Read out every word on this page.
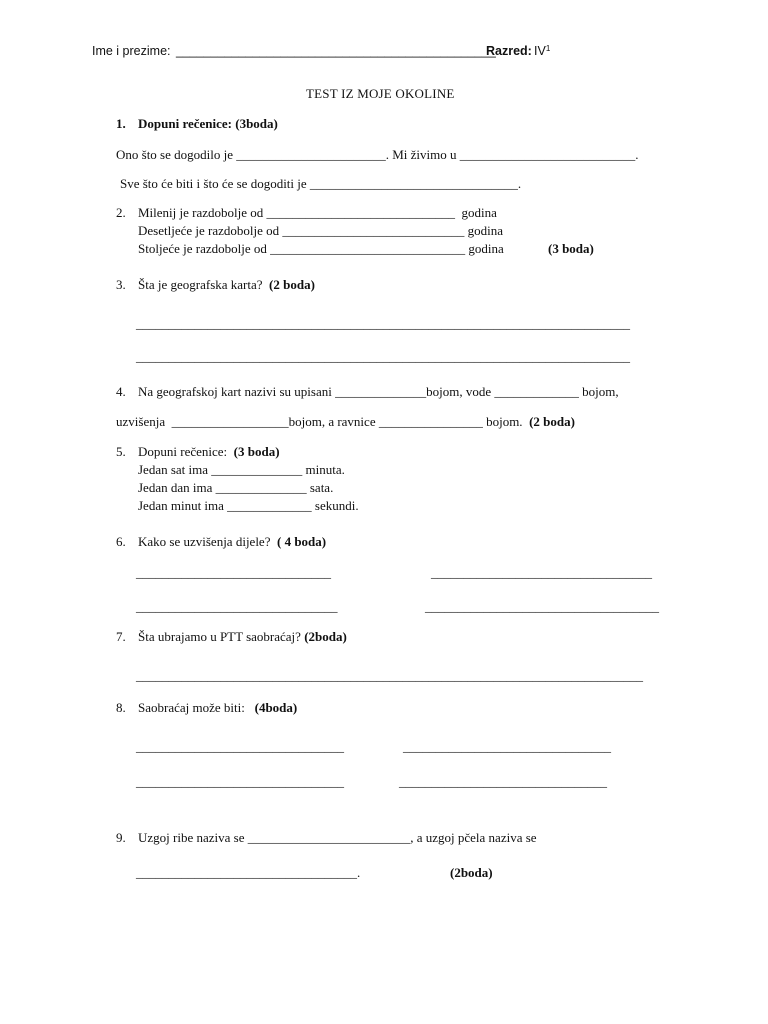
Ime i prezime: ______________________________________________
Razred: $IV^1$
TEST IZ MOJE OKOLINE
1. Dopuni rečenice: (3boda)
Ono što se dogodilo je _______________________. Mi živimo u ___________________________.
Sve što će biti i što će se dogoditi je ________________________________.
2. Milenij je razdobolje od _____________________________  godina
Desetljeće je razdobolje od ____________________________ godina
Stoljeće je razdobolje od ______________________________ godina	(3 boda)
3. Šta je geografska karta? (2 boda)
____________________________________________________________________________
____________________________________________________________________________
4. Na geografskoj kart nazivi su upisani ______________bojom, vode _____________ bojom,
uzvišenja  __________________bojom, a ravnice ________________ bojom. (2 boda)
5. Dopuni rečenice: (3 boda)
Jedan sat ima ______________ minuta.
Jedan dan ima ______________ sata.
Jedan minut ima _____________ sekundi.
6. Kako se uzvišenja dijele? ( 4 boda)
______________________________	__________________________________
_______________________________	____________________________________
7. Šta ubrajamo u PTT saobraćaj? (2boda)
______________________________________________________________________________
8. Saobraćaj može biti: (4boda)
________________________________	________________________________
________________________________	________________________________
9. Uzgoj ribe naziva se _________________________, a uzgoj pčela naziva se
__________________________________.	(2boda)
